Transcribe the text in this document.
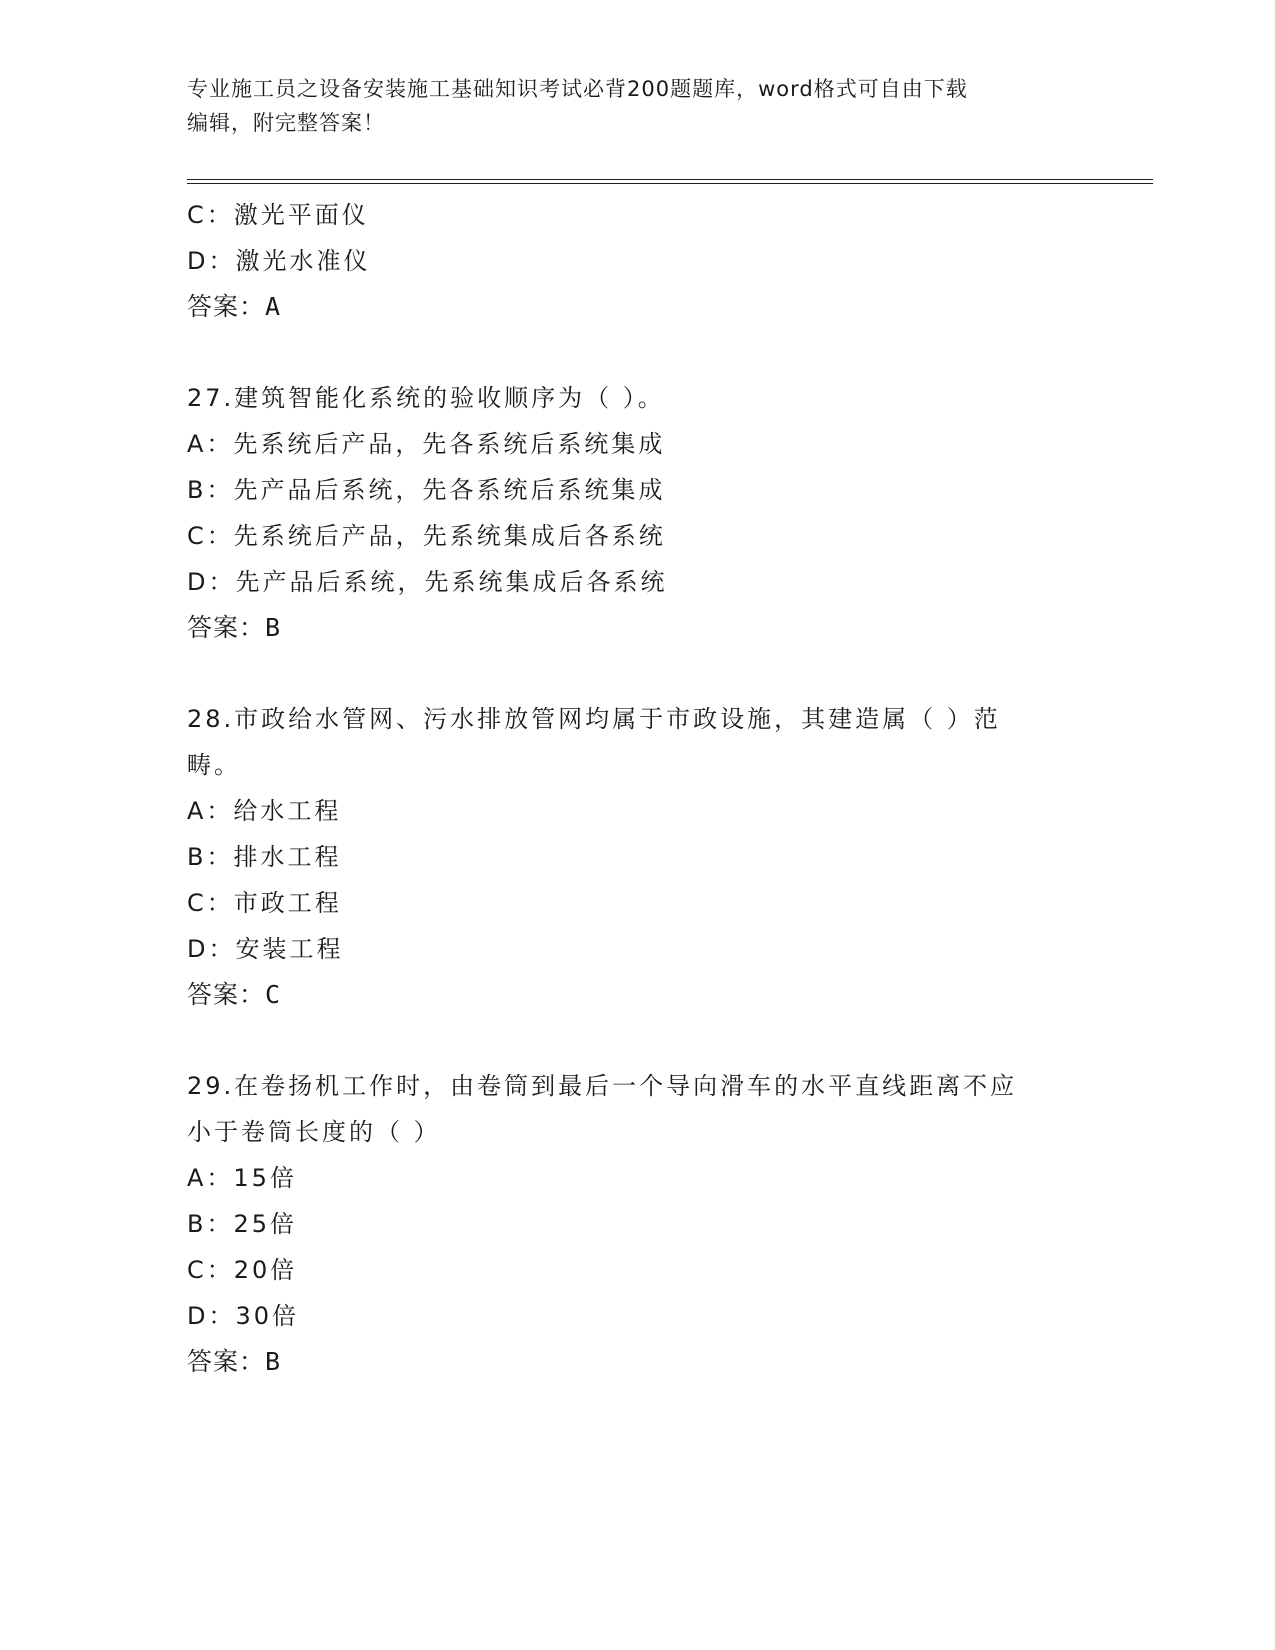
专业施工员之设备安装施工基础知识考试必背200题题库，word格式可自由下载
编辑，附完整答案！
C：激光平面仪
D：激光水准仪
答案：A
27.建筑智能化系统的验收顺序为（ ）。
A：先系统后产品，先各系统后系统集成
B：先产品后系统，先各系统后系统集成
C：先系统后产品，先系统集成后各系统
D：先产品后系统，先系统集成后各系统
答案：B
28.市政给水管网、污水排放管网均属于市政设施，其建造属（ ）范
畴。
A：给水工程
B：排水工程
C：市政工程
D：安装工程
答案：C
29.在卷扬机工作时，由卷筒到最后一个导向滑车的水平直线距离不应
小于卷筒长度的（ ）
A：15倍
B：25倍
C：20倍
D：30倍
答案：B
